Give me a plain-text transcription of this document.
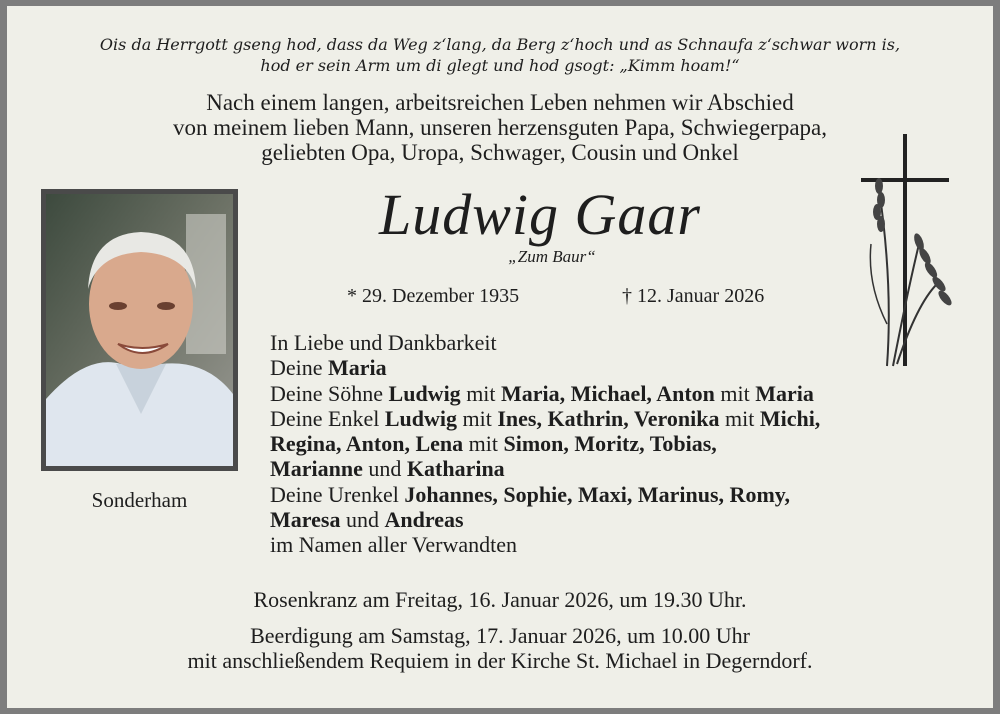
Ois da Herrgott gseng hod, dass da Weg z‘lang, da Berg z‘hoch und as Schnaufa z‘schwar worn is,
hod er sein Arm um di glegt und hod gsogt: „Kimm hoam!“
Nach einem langen, arbeitsreichen Leben nehmen wir Abschied
von meinem lieben Mann, unseren herzensguten Papa, Schwiegerpapa,
geliebten Opa, Uropa, Schwager, Cousin und Onkel
Sonderham
Ludwig Gaar
„Zum Baur“
* 29. Dezember 1935	† 12. Januar 2026
In Liebe und Dankbarkeit
Deine Maria
Deine Söhne Ludwig mit Maria, Michael, Anton mit Maria
Deine Enkel Ludwig mit Ines, Kathrin, Veronika mit Michi,
Regina, Anton, Lena mit Simon, Moritz, Tobias,
Marianne und Katharina
Deine Urenkel Johannes, Sophie, Maxi, Marinus, Romy,
Maresa und Andreas
im Namen aller Verwandten
Rosenkranz am Freitag, 16. Januar 2026, um 19.30 Uhr.
Beerdigung am Samstag, 17. Januar 2026, um 10.00 Uhr
mit anschließendem Requiem in der Kirche St. Michael in Degerndorf.
